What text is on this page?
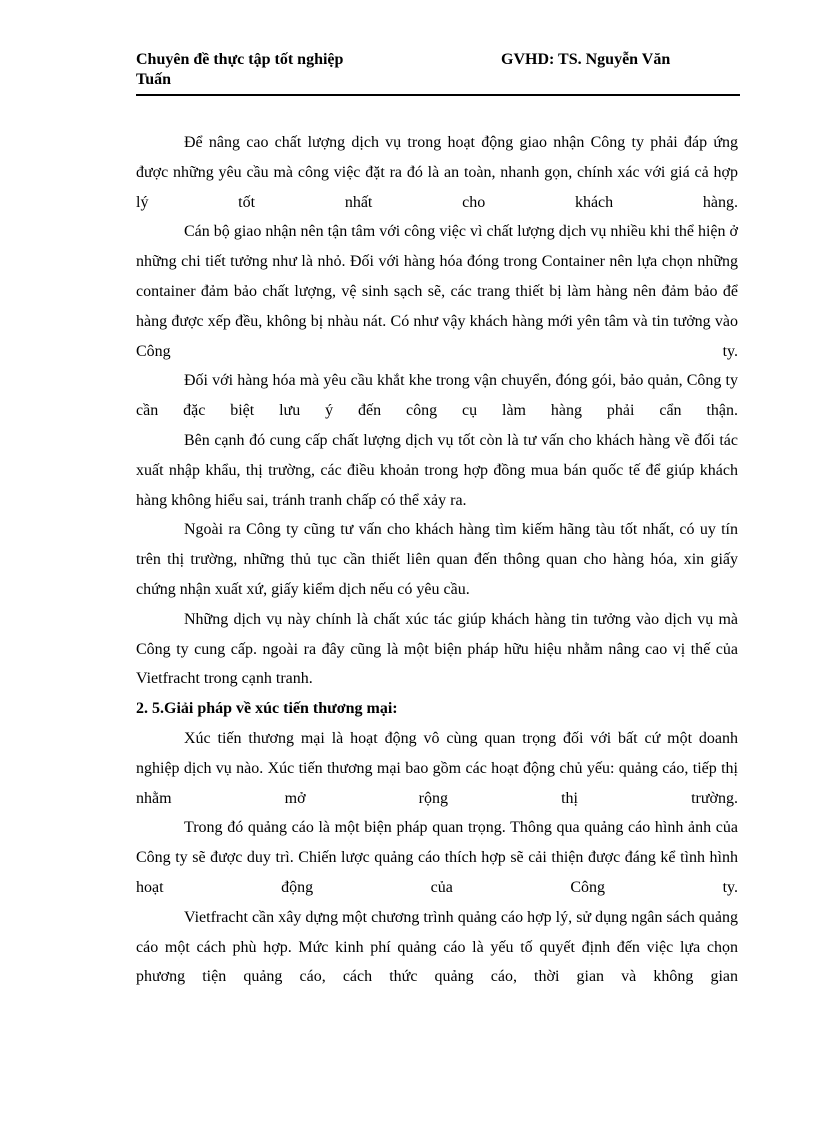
Chuyên đề thực tập tốt nghiệp
Tuấn
GVHD: TS. Nguyễn Văn

Để nâng cao chất lượng dịch vụ trong hoạt động giao nhận Công ty phải đáp ứng được những yêu cầu mà công việc đặt ra đó là an toàn, nhanh gọn, chính xác với giá cả hợp lý tốt nhất cho khách hàng.

Cán bộ giao nhận nên tận tâm với công việc vì chất lượng dịch vụ nhiều khi thể hiện ở những chi tiết tưởng như là nhỏ. Đối với hàng hóa đóng trong Container nên lựa chọn những container đảm bảo chất lượng, vệ sinh sạch sẽ, các trang thiết bị làm hàng nên đảm bảo để hàng được xếp đều, không bị nhàu nát. Có như vậy khách hàng mới yên tâm và tin tưởng vào Công ty.

Đối với hàng hóa mà yêu cầu khắt khe trong vận chuyển, đóng gói, bảo quản, Công ty cần đặc biệt lưu ý đến công cụ làm hàng phải cẩn thận.

Bên cạnh đó cung cấp chất lượng dịch vụ tốt còn là tư vấn cho khách hàng về đối tác xuất nhập khẩu, thị trường, các điều khoản trong hợp đồng mua bán quốc tế để giúp khách hàng không hiểu sai, tránh tranh chấp có thể xảy ra.

Ngoài ra Công ty cũng tư vấn cho khách hàng tìm kiếm hãng tàu tốt nhất, có uy tín trên thị trường, những thủ tục cần thiết liên quan đến thông quan cho hàng hóa, xin giấy chứng nhận xuất xứ, giấy kiểm dịch nếu có yêu cầu.

Những dịch vụ này chính là chất xúc tác giúp khách hàng tin tưởng vào dịch vụ mà Công ty cung cấp. ngoài ra đây cũng là một biện pháp hữu hiệu nhằm nâng cao vị thế của Vietfracht trong cạnh tranh.

2. 5.Giải pháp về xúc tiến thương mại:

Xúc tiến thương mại là hoạt động vô cùng quan trọng đối với bất cứ một doanh nghiệp dịch vụ nào. Xúc tiến thương mại bao gồm các hoạt động chủ yếu: quảng cáo, tiếp thị nhằm mở rộng thị trường.

Trong đó quảng cáo là một biện pháp quan trọng. Thông qua quảng cáo hình ảnh của Công ty sẽ được duy trì. Chiến lược quảng cáo thích hợp sẽ cải thiện được đáng kể tình hình hoạt động của Công ty.

Vietfracht cần xây dựng một chương trình quảng cáo hợp lý, sử dụng ngân sách quảng cáo một cách phù hợp. Mức kinh phí quảng cáo là yếu tố quyết định đến việc lựa chọn phương tiện quảng cáo, cách thức quảng cáo, thời gian và không gian
